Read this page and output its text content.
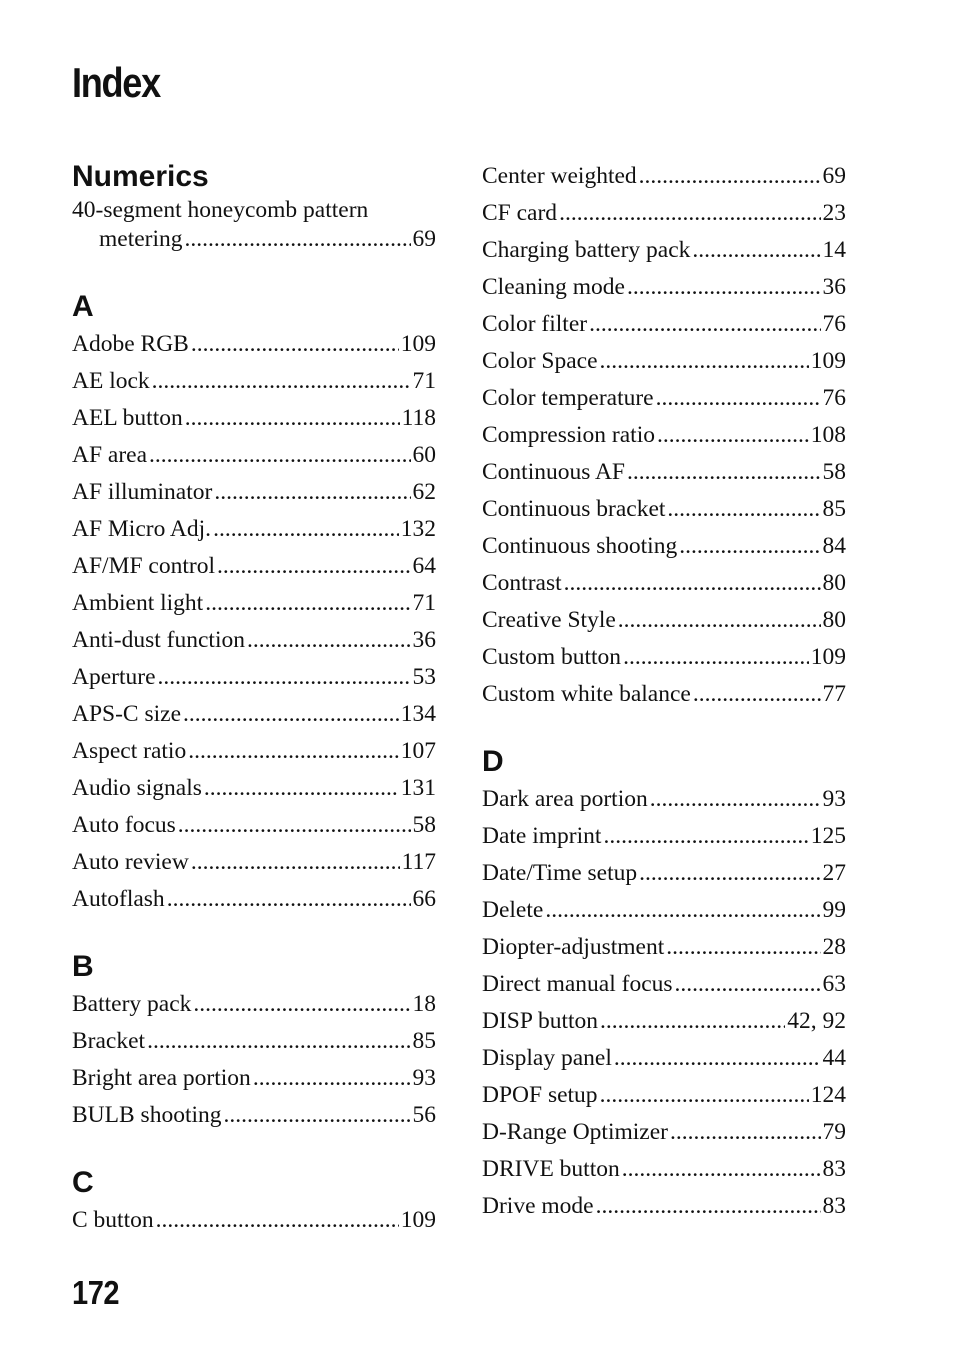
Index
Numerics
40-segment honeycomb pattern
metering .....	69
A
Adobe RGB .....	109
AE lock .....	71
AEL button .....	118
AF area .....	60
AF illuminator .....	62
AF Micro Adj. .....	132
AF/MF control .....	64
Ambient light .....	71
Anti-dust function .....	36
Aperture .....	53
APS-C size .....	134
Aspect ratio .....	107
Audio signals .....	131
Auto focus .....	58
Auto review .....	117
Autoflash .....	66
B
Battery pack .....	18
Bracket .....	85
Bright area portion .....	93
BULB shooting .....	56
C
C button .....	109
Center weighted .....	69
CF card .....	23
Charging battery pack .....	14
Cleaning mode .....	36
Color filter .....	76
Color Space .....	109
Color temperature .....	76
Compression ratio .....	108
Continuous AF .....	58
Continuous bracket .....	85
Continuous shooting .....	84
Contrast .....	80
Creative Style .....	80
Custom button .....	109
Custom white balance .....	77
D
Dark area portion .....	93
Date imprint .....	125
Date/Time setup .....	27
Delete .....	99
Diopter-adjustment .....	28
Direct manual focus .....	63
DISP button .....	42, 92
Display panel .....	44
DPOF setup .....	124
D-Range Optimizer .....	79
DRIVE button .....	83
Drive mode .....	83
172
